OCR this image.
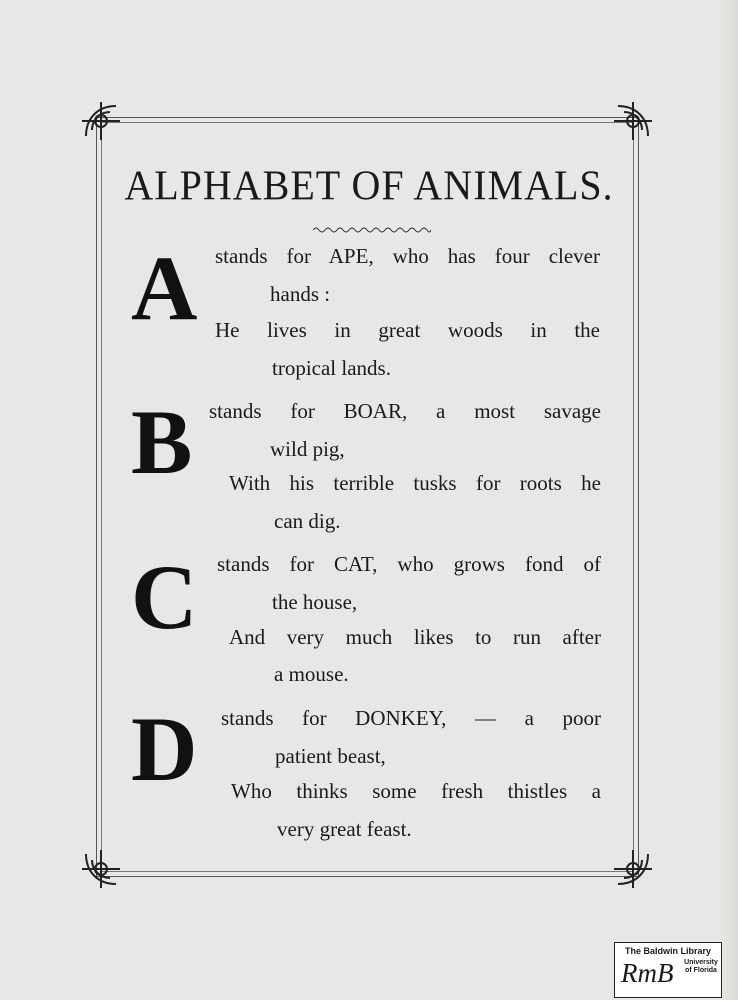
ALPHABET OF ANIMALS.
A stands for APE, who has four clever
hands :
He lives in great woods in the
tropical lands.
B stands for BOAR, a most savage
wild pig,
With his terrible tusks for roots he
can dig.
C stands for CAT, who grows fond of
the house,
And very much likes to run after
a mouse.
D stands for DONKEY, — a poor
patient beast,
Who thinks some fresh thistles a
very great feast.
The Baldwin Library
RmB University of Florida
